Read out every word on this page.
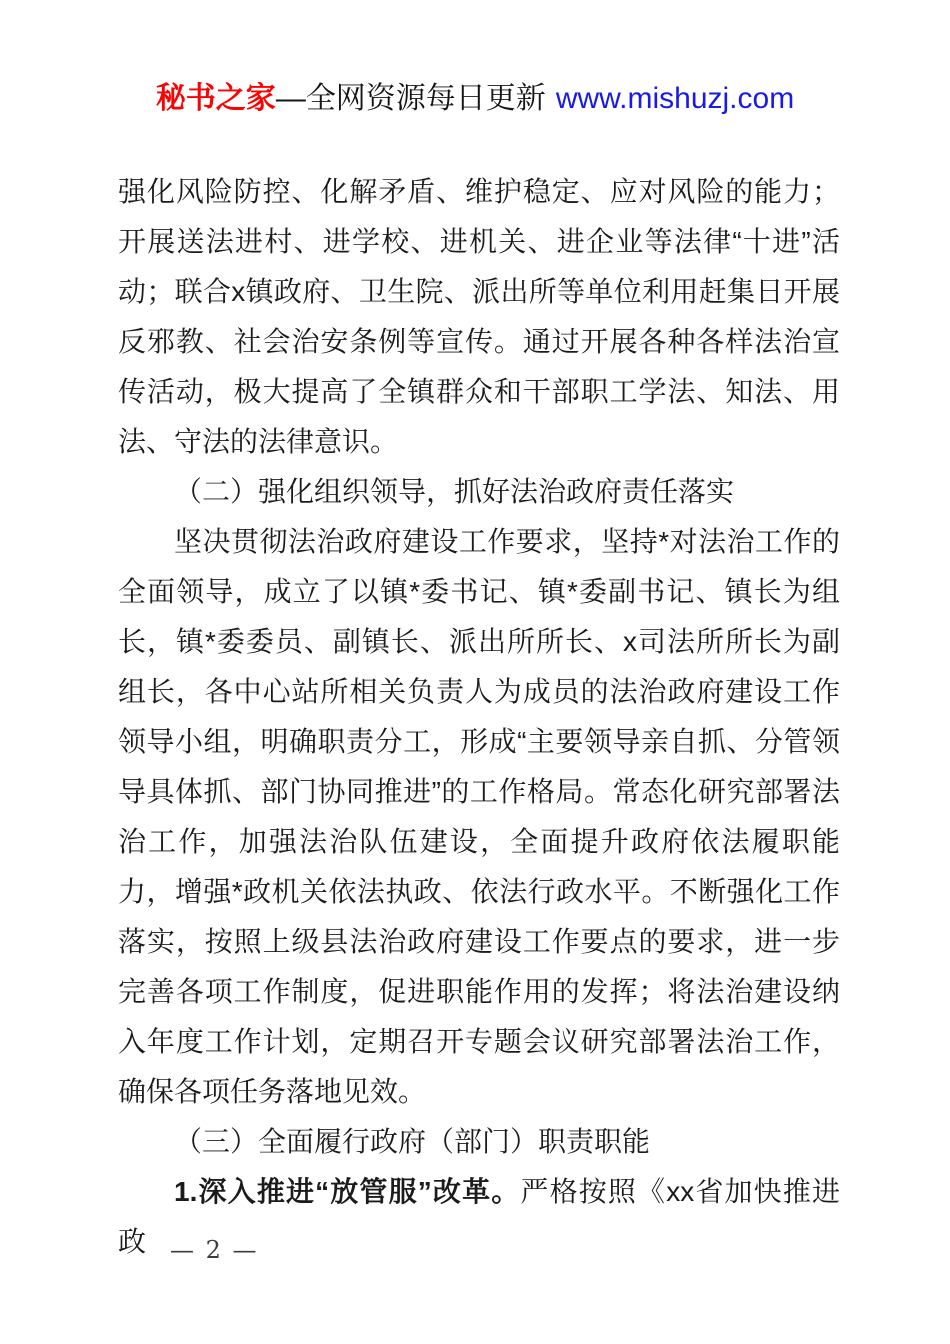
秘书之家—全网资源每日更新 www.mishuzj.com

强化风险防控、化解矛盾、维护稳定、应对风险的能力；开展送法进村、进学校、进机关、进企业等法律“十进”活动；联合x镇政府、卫生院、派出所等单位利用赶集日开展反邪教、社会治安条例等宣传。通过开展各种各样法治宣传活动，极大提高了全镇群众和干部职工学法、知法、用法、守法的法律意识。

（二）强化组织领导，抓好法治政府责任落实

坚决贯彻法治政府建设工作要求，坚持*对法治工作的全面领导，成立了以镇*委书记、镇*委副书记、镇长为组长，镇*委委员、副镇长、派出所所长、x司法所所长为副组长，各中心站所相关负责人为成员的法治政府建设工作领导小组，明确职责分工，形成“主要领导亲自抓、分管领导具体抓、部门协同推进”的工作格局。常态化研究部署法治工作，加强法治队伍建设，全面提升政府依法履职能力，增强*政机关依法执政、依法行政水平。不断强化工作落实，按照上级县法治政府建设工作要点的要求，进一步完善各项工作制度，促进职能作用的发挥；将法治建设纳入年度工作计划，定期召开专题会议研究部署法治工作，确保各项任务落地见效。

（三）全面履行政府（部门）职责职能

1.深入推进“放管服”改革。严格按照《xx省加快推进政 — 2 —
